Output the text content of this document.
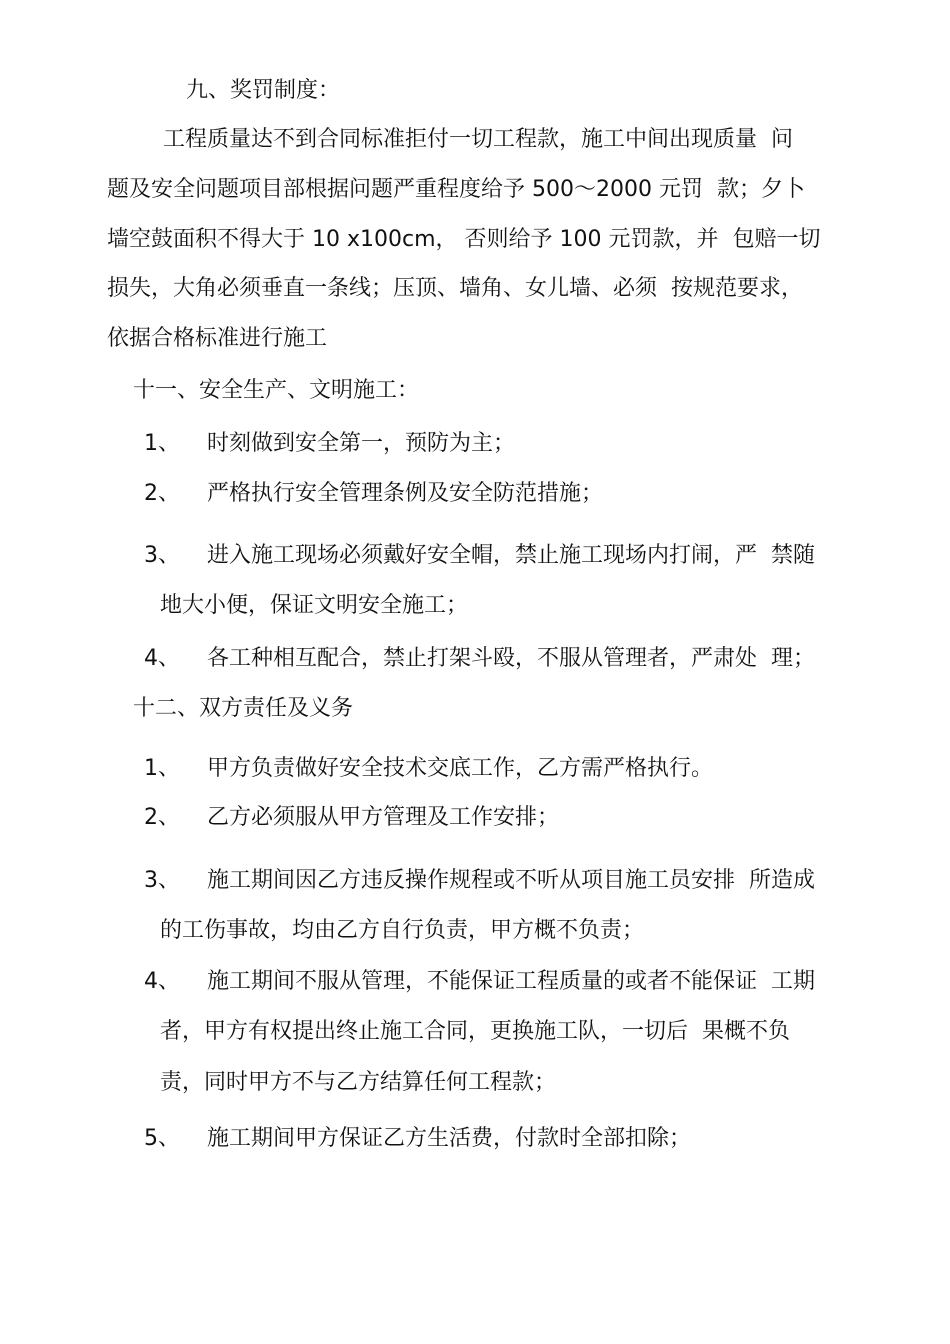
九、奖罚制度：
工程质量达不到合同标准拒付一切工程款，施工中间出现质量  问
题及安全问题项目部根据问题严重程度给予 500〜2000 元罚  款；夕卜
墙空鼓面积不得大于 10 x100cm， 否则给予 100 元罚款，并  包赔一切
损失，大角必须垂直一条线；压顶、墙角、女儿墙、必须  按规范要求，
依据合格标准进行施工
十一、安全生产、文明施工：
1、 时刻做到安全第一，预防为主；
2、 严格执行安全管理条例及安全防范措施；
3、 进入施工现场必须戴好安全帽，禁止施工现场内打闹，严  禁随
地大小便，保证文明安全施工；
4、 各工种相互配合，禁止打架斗殴，不服从管理者，严肃处  理；
十二、双方责任及义务
1、 甲方负责做好安全技术交底工作，乙方需严格执行。
2、 乙方必须服从甲方管理及工作安排；
3、 施工期间因乙方违反操作规程或不听从项目施工员安排  所造成
的工伤事故，均由乙方自行负责，甲方概不负责；
4、 施工期间不服从管理，不能保证工程质量的或者不能保证  工期
者，甲方有权提出终止施工合同，更换施工队，一切后  果概不负
责，同时甲方不与乙方结算任何工程款；
5、 施工期间甲方保证乙方生活费，付款时全部扣除；
